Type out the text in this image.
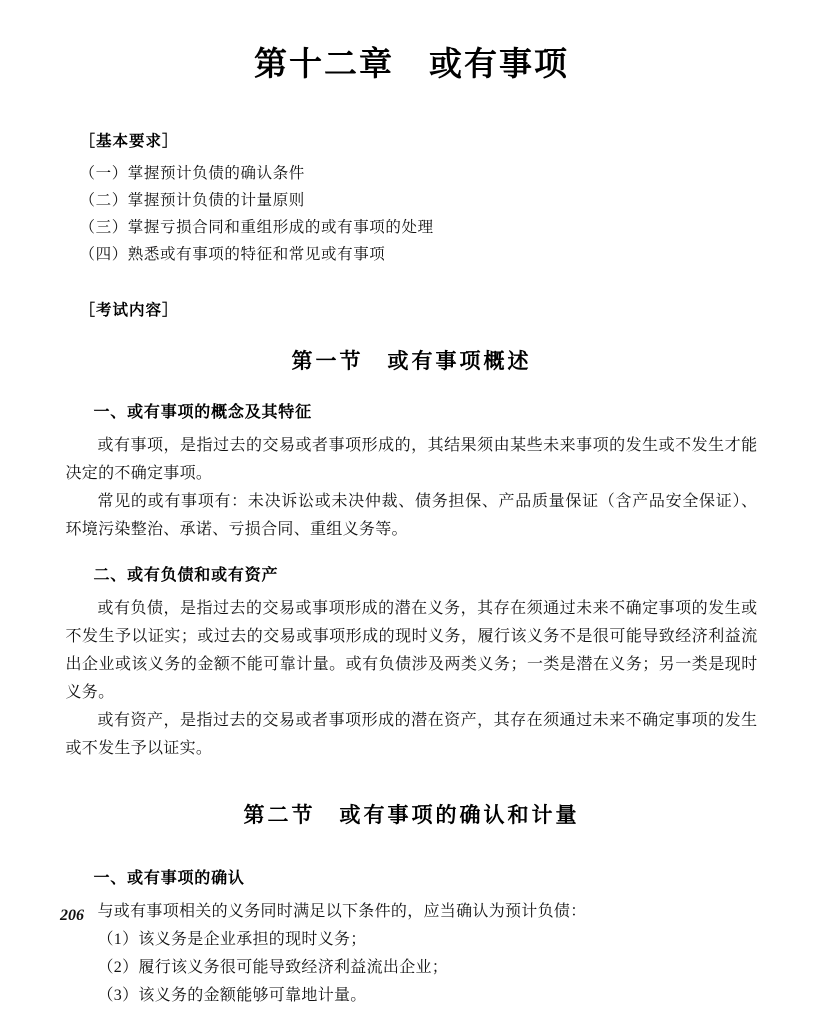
第十二章　或有事项
［基本要求］
（一）掌握预计负债的确认条件
（二）掌握预计负债的计量原则
（三）掌握亏损合同和重组形成的或有事项的处理
（四）熟悉或有事项的特征和常见或有事项
［考试内容］
第一节　或有事项概述
一、或有事项的概念及其特征

或有事项，是指过去的交易或者事项形成的，其结果须由某些未来事项的发生或不发生才能决定的不确定事项。

常见的或有事项有：未决诉讼或未决仲裁、债务担保、产品质量保证（含产品安全保证）、环境污染整治、承诺、亏损合同、重组义务等。

二、或有负债和或有资产

或有负债，是指过去的交易或事项形成的潜在义务，其存在须通过未来不确定事项的发生或不发生予以证实；或过去的交易或事项形成的现时义务，履行该义务不是很可能导致经济利益流出企业或该义务的金额不能可靠计量。或有负债涉及两类义务；一类是潜在义务；另一类是现时义务。

或有资产，是指过去的交易或者事项形成的潜在资产，其存在须通过未来不确定事项的发生或不发生予以证实。

第二节　或有事项的确认和计量
一、或有事项的确认

与或有事项相关的义务同时满足以下条件的，应当确认为预计负债：

（1）该义务是企业承担的现时义务；
（2）履行该义务很可能导致经济利益流出企业；
（3）该义务的金额能够可靠地计量。
206
